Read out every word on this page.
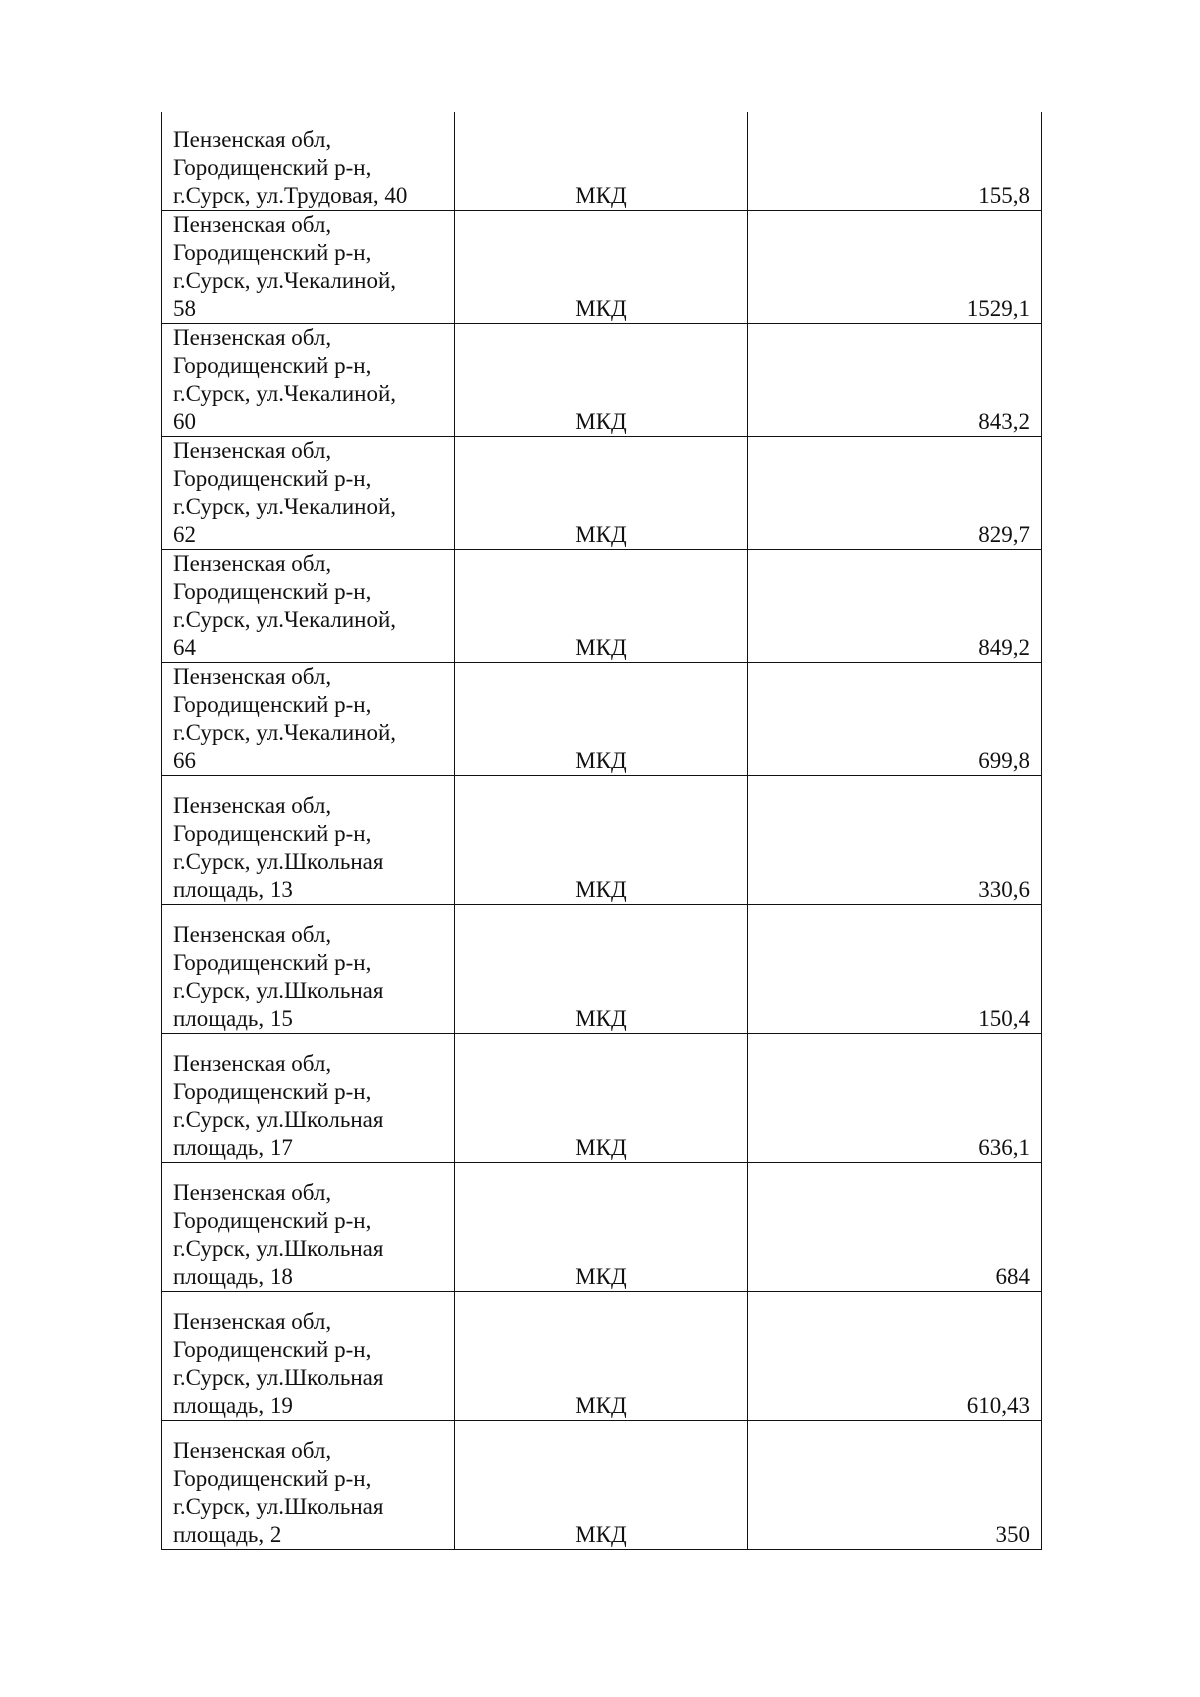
Пензенская обл,
Городищенский р-н,
г.Сурск, ул.Трудовая, 40	МКД	155,8

Пензенская обл,
Городищенский р-н,
г.Сурск, ул.Чекалиной,
58	МКД	1529,1

Пензенская обл,
Городищенский р-н,
г.Сурск, ул.Чекалиной,
60	МКД	843,2

Пензенская обл,
Городищенский р-н,
г.Сурск, ул.Чекалиной,
62	МКД	829,7

Пензенская обл,
Городищенский р-н,
г.Сурск, ул.Чекалиной,
64	МКД	849,2

Пензенская обл,
Городищенский р-н,
г.Сурск, ул.Чекалиной,
66	МКД	699,8

Пензенская обл,
Городищенский р-н,
г.Сурск, ул.Школьная
площадь, 13	МКД	330,6

Пензенская обл,
Городищенский р-н,
г.Сурск, ул.Школьная
площадь, 15	МКД	150,4

Пензенская обл,
Городищенский р-н,
г.Сурск, ул.Школьная
площадь, 17	МКД	636,1

Пензенская обл,
Городищенский р-н,
г.Сурск, ул.Школьная
площадь, 18	МКД	684

Пензенская обл,
Городищенский р-н,
г.Сурск, ул.Школьная
площадь, 19	МКД	610,43

Пензенская обл,
Городищенский р-н,
г.Сурск, ул.Школьная
площадь, 2	МКД	350
